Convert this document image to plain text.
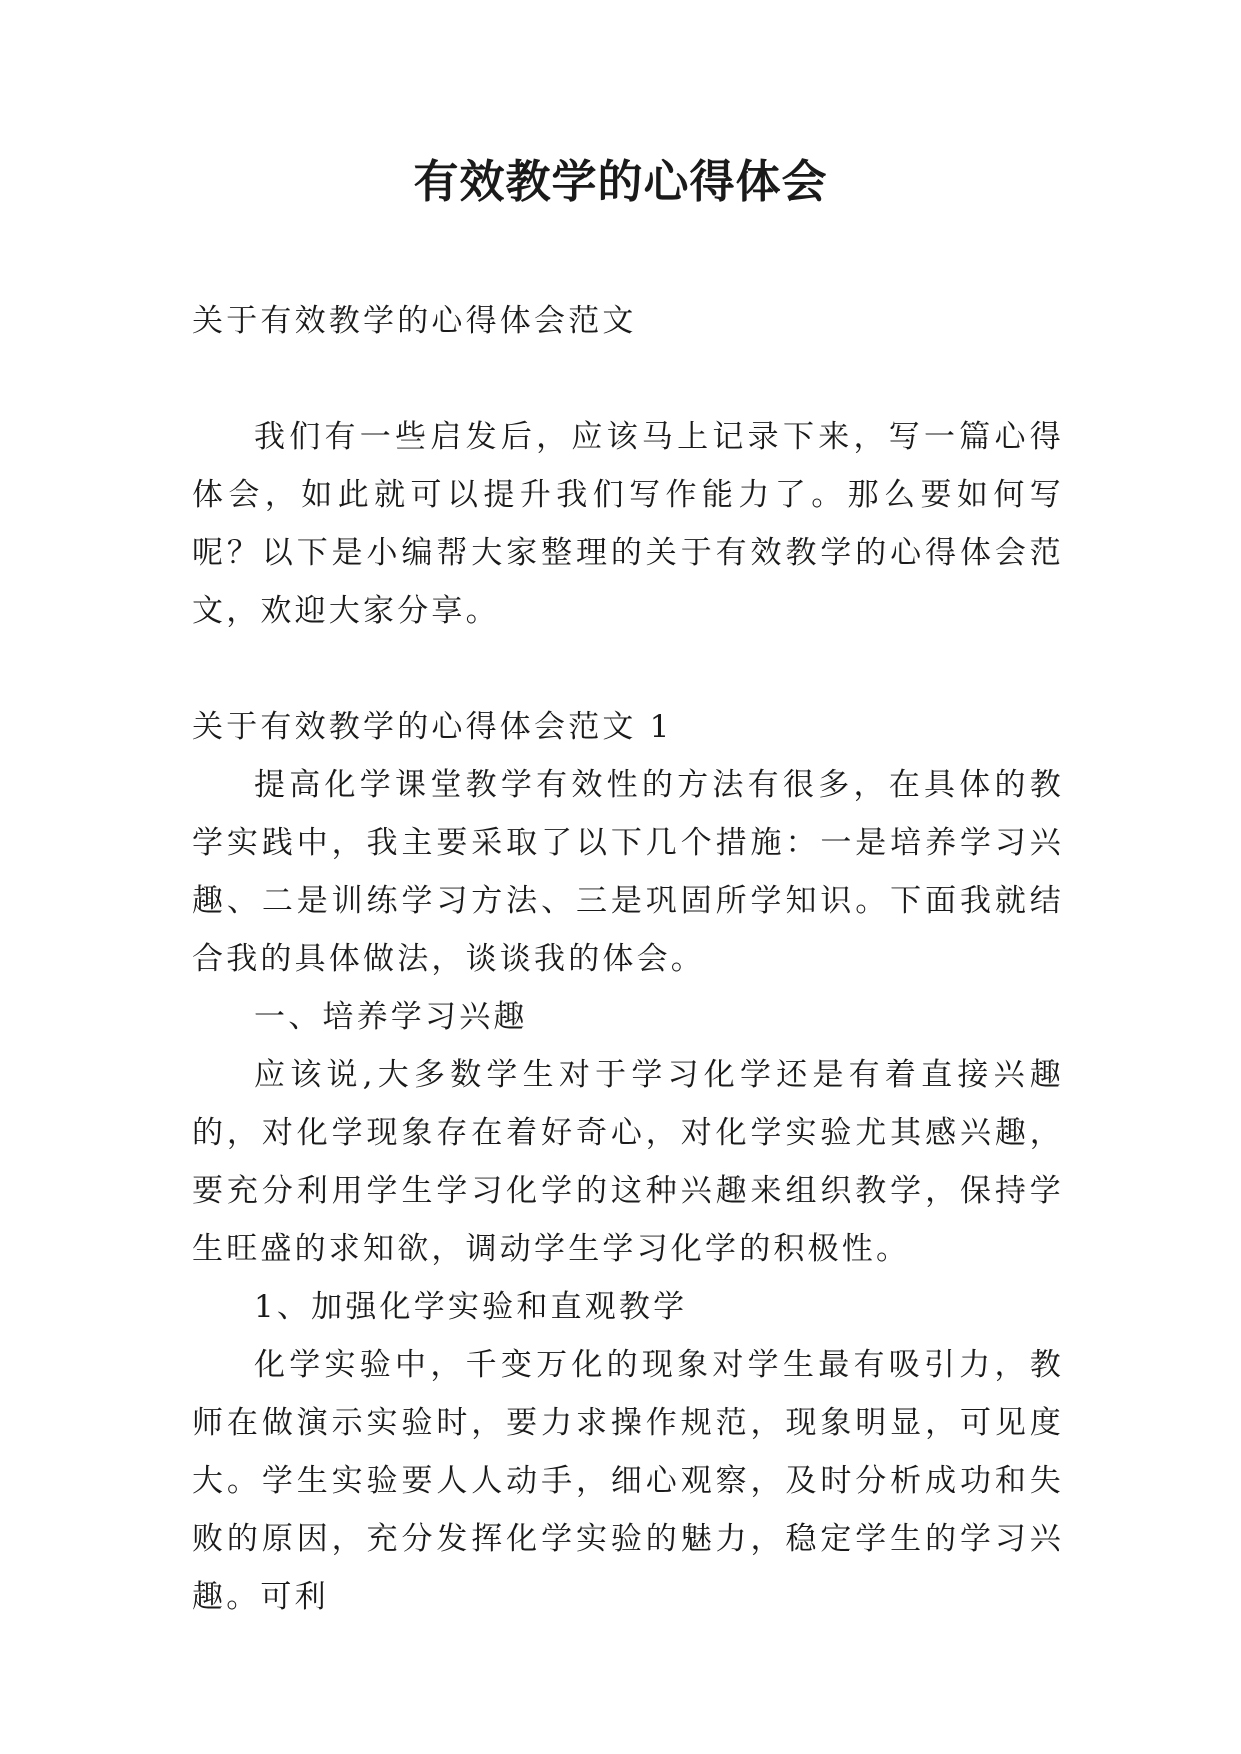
有效教学的心得体会

关于有效教学的心得体会范文

我们有一些启发后，应该马上记录下来，写一篇心得体会，如此就可以提升我们写作能力了。那么要如何写呢？以下是小编帮大家整理的关于有效教学的心得体会范文，欢迎大家分享。

关于有效教学的心得体会范文 1

提高化学课堂教学有效性的方法有很多，在具体的教学实践中，我主要采取了以下几个措施：一是培养学习兴趣、二是训练学习方法、三是巩固所学知识。下面我就结合我的具体做法，谈谈我的体会。

一、培养学习兴趣

应该说,大多数学生对于学习化学还是有着直接兴趣的，对化学现象存在着好奇心，对化学实验尤其感兴趣，要充分利用学生学习化学的这种兴趣来组织教学，保持学生旺盛的求知欲，调动学生学习化学的积极性。

1、加强化学实验和直观教学

化学实验中，千变万化的现象对学生最有吸引力，教师在做演示实验时，要力求操作规范，现象明显，可见度大。学生实验要人人动手，细心观察，及时分析成功和失败的原因，充分发挥化学实验的魅力，稳定学生的学习兴趣。可利
